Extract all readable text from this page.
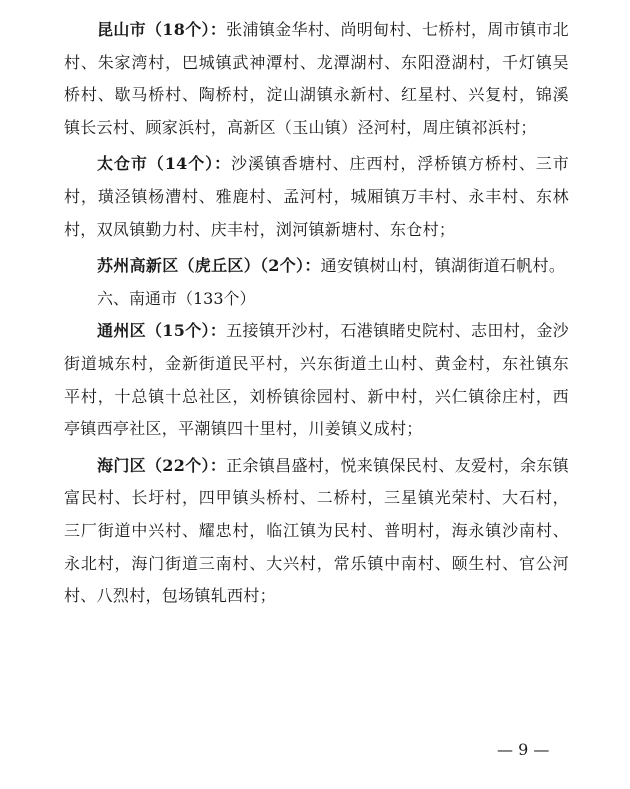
昆山市（18个）：张浦镇金华村、尚明甸村、七桥村，周市镇市北村、朱家湾村，巴城镇武神潭村、龙潭湖村、东阳澄湖村，千灯镇吴桥村、歇马桥村、陶桥村，淀山湖镇永新村、红星村、兴复村，锦溪镇长云村、顾家浜村，高新区（玉山镇）泾河村，周庄镇祁浜村；

太仓市（14个）：沙溪镇香塘村、庄西村，浮桥镇方桥村、三市村，璜泾镇杨漕村、雅鹿村、孟河村，城厢镇万丰村、永丰村、东林村，双凤镇勤力村、庆丰村，浏河镇新塘村、东仓村；

苏州高新区（虎丘区）（2个）：通安镇树山村，镇湖街道石帆村。

六、南通市（133个）

通州区（15个）：五接镇开沙村，石港镇睹史院村、志田村，金沙街道城东村，金新街道民平村，兴东街道土山村、黄金村，东社镇东平村，十总镇十总社区，刘桥镇徐园村、新中村，兴仁镇徐庄村，西亭镇西亭社区，平潮镇四十里村，川姜镇义成村；

海门区（22个）：正余镇昌盛村，悦来镇保民村、友爱村，余东镇富民村、长圩村，四甲镇头桥村、二桥村，三星镇光荣村、大石村，三厂街道中兴村、耀忠村，临江镇为民村、普明村，海永镇沙南村、永北村，海门街道三南村、大兴村，常乐镇中南村、颐生村、官公河村、八烈村，包场镇轧西村；

— 9 —
